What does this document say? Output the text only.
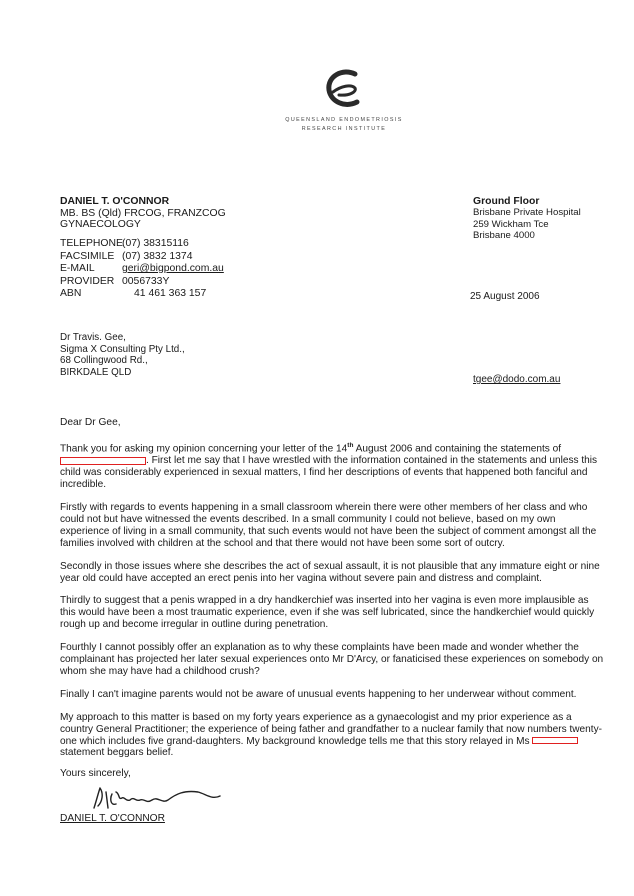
QUEENSLAND ENDOMETRIOSIS
RESEARCH INSTITUTE
DANIEL T. O'CONNOR
MB. BS (Qld) FRCOG, FRANZCOG
GYNAECOLOGY
TELEPHONE (07) 38315116
FACSIMILE (07) 3832 1374
E-MAIL	geri@bigpond.com.au
PROVIDER 0056733Y
ABN	41 461 363 157
Ground Floor
Brisbane Private Hospital
259 Wickham Tce
Brisbane 4000
25 August 2006
Dr Travis. Gee,
Sigma X Consulting Pty Ltd.,
68 Collingwood Rd.,
BIRKDALE QLD
tgee@dodo.com.au
Dear Dr Gee,

Thank you for asking my opinion concerning your letter of the 14th August 2006 and containing the statements of . First let me say that I have wrestled with the information contained in the statements and unless this child was considerably experienced in sexual matters, I find her descriptions of events that happened both fanciful and incredible.

Firstly with regards to events happening in a small classroom wherein there were other members of her class and who could not but have witnessed the events described. In a small community I could not believe, based on my own experience of living in a small community, that such events would not have been the subject of comment amongst all the families involved with children at the school and that there would not have been some sort of outcry.

Secondly in those issues where she describes the act of sexual assault, it is not plausible that any immature eight or nine year old could have accepted an erect penis into her vagina without severe pain and distress and complaint.

Thirdly to suggest that a penis wrapped in a dry handkerchief was inserted into her vagina is even more implausible as this would have been a most traumatic experience, even if she was self lubricated, since the handkerchief would quickly rough up and become irregular in outline during penetration.

Fourthly I cannot possibly offer an explanation as to why these complaints have been made and wonder whether the complainant has projected her later sexual experiences onto Mr D'Arcy, or fanaticised these experiences on somebody on whom she may have had a childhood crush?

Finally I can't imagine parents would not be aware of unusual events happening to her underwear without comment.

My approach to this matter is based on my forty years experience as a gynaecologist and my prior experience as a country General Practitioner; the experience of being father and grandfather to a nuclear family that now numbers twenty-one which includes five grand-daughters. My background knowledge tells me that this story relayed in Ms  statement beggars belief.

Yours sincerely,
DANIEL T. O'CONNOR
